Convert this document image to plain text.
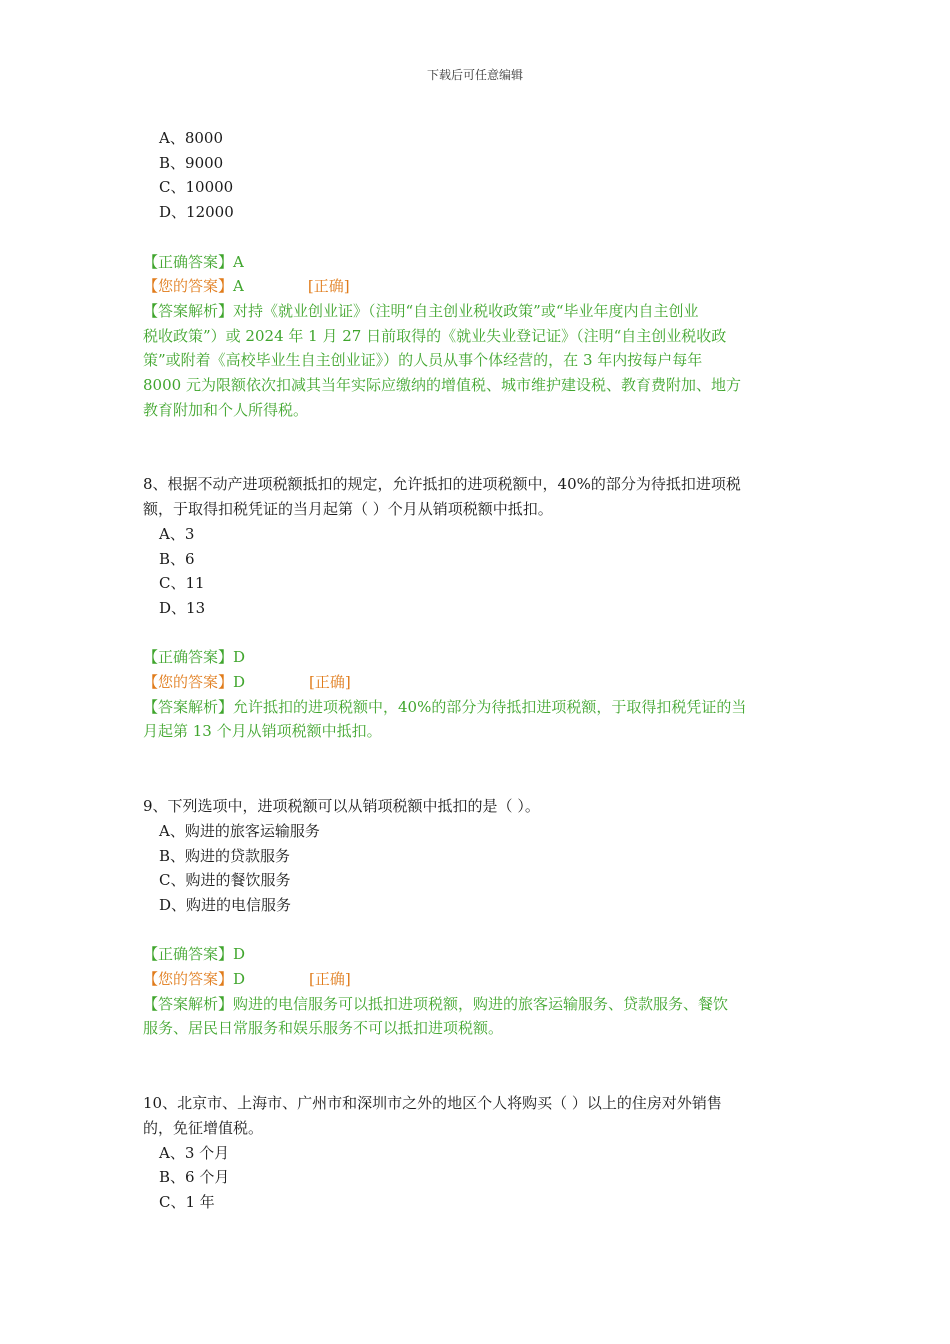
下载后可任意编辑
A、8000
B、9000
C、10000
D、12000
【正确答案】A
【您的答案】A	[正确]
【答案解析】对持《就业创业证》（注明“自主创业税收政策”或“毕业年度内自主创业
税收政策”）或 2024 年 1 月 27 日前取得的《就业失业登记证》（注明“自主创业税收政
策”或附着《高校毕业生自主创业证》）的人员从事个体经营的，在 3 年内按每户每年
8000 元为限额依次扣减其当年实际应缴纳的增值税、城市维护建设税、教育费附加、地方
教育附加和个人所得税。
8、根据不动产进项税额抵扣的规定，允许抵扣的进项税额中，40%的部分为待抵扣进项税
额，于取得扣税凭证的当月起第（ ）个月从销项税额中抵扣。
A、3
B、6
C、11
D、13
【正确答案】D
【您的答案】D	[正确]
【答案解析】允许抵扣的进项税额中，40%的部分为待抵扣进项税额，于取得扣税凭证的当
月起第 13 个月从销项税额中抵扣。
9、下列选项中，进项税额可以从销项税额中抵扣的是（ ）。
A、购进的旅客运输服务
B、购进的贷款服务
C、购进的餐饮服务
D、购进的电信服务
【正确答案】D
【您的答案】D	[正确]
【答案解析】购进的电信服务可以抵扣进项税额，购进的旅客运输服务、贷款服务、餐饮
服务、居民日常服务和娱乐服务不可以抵扣进项税额。
10、北京市、上海市、广州市和深圳市之外的地区个人将购买（ ）以上的住房对外销售
的，免征增值税。
A、3 个月
B、6 个月
C、1 年
